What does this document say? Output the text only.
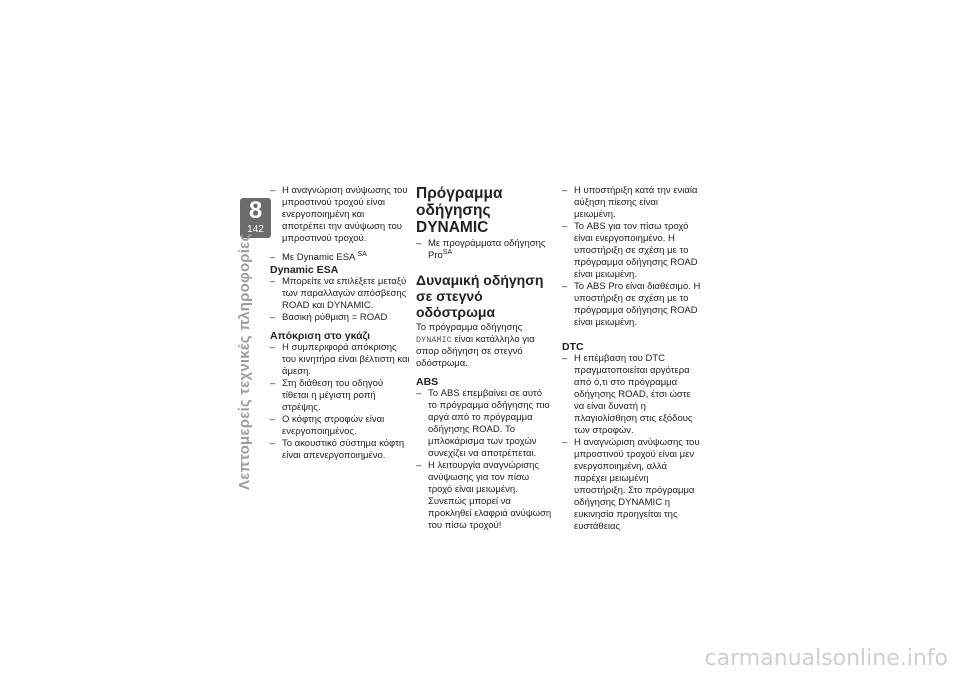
8
142
Λεπτομερείς τεχνικές πληροφορίες
– Η αναγνώριση ανύψωσης του μπροστινού τροχού είναι ενεργοποιημένη και αποτρέπει την ανύψωση του μπροστινού τροχού.
– Με Dynamic ESA $^{SA}$
Dynamic ESA
– Μπορείτε να επιλέξετε μεταξύ των παραλλαγών απόσβεσης ROAD και DYNAMIC.
– Βασική ρύθμιση = ROAD
Απόκριση στο γκάζι
– Η συμπεριφορά απόκρισης του κινητήρα είναι βέλτιστη και άμεση.
– Στη διάθεση του οδηγού τίθεται η μέγιστη ροπή στρέψης.
– Ο κόφτης στροφών είναι ενεργοποιημένος.
– Το ακουστικό σύστημα κόφτη είναι απενεργοποιημένο.
Πρόγραμμα οδήγησης DYNAMIC
– Με προγράμματα οδήγησης Pro$^{SA}$
Δυναμική οδήγηση σε στεγνό οδόστρωμα

Το πρόγραμμα οδήγησης DYNAMIC είναι κατάλληλο για σπορ οδήγηση σε στεγνό οδόστρωμα.

ABS
– Το ABS επεμβαίνει σε αυτό το πρόγραμμα οδήγησης πιο αργά από το πρόγραμμα οδήγησης ROAD. Το μπλοκάρισμα των τροχών συνεχίζει να αποτρέπεται.
– Η λειτουργία αναγνώρισης ανύψωσης για τον πίσω τροχό είναι μειωμένη. Συνεπώς μπορεί να προκληθεί ελαφριά ανύψωση του πίσω τροχού!
– Η υποστήριξη κατά την ενιαία αύξηση πίεσης είναι μειωμένη.
– Το ABS για τον πίσω τροχό είναι ενεργοποιημένο. Η υποστήριξη σε σχέση με το πρόγραμμα οδήγησης ROAD είναι μειωμένη.
– Το ABS Pro είναι διαθέσιμο. Η υποστήριξη σε σχέση με το πρόγραμμα οδήγησης ROAD είναι μειωμένη.
DTC
– Η επέμβαση του DTC πραγματοποιείται αργότερα από ό,τι στο πρόγραμμα οδήγησης ROAD, έτσι ώστε να είναι δυνατή η πλαγιολίσθηση στις εξόδους των στροφών.
– Η αναγνώριση ανύψωσης του μπροστινού τροχού είναι μεν ενεργοποιημένη, αλλά παρέχει μειωμένη υποστήριξη. Στο πρόγραμμα οδήγησης DYNAMIC η ευκινησία προηγείται της ευστάθειας
carmanualsonline.info
